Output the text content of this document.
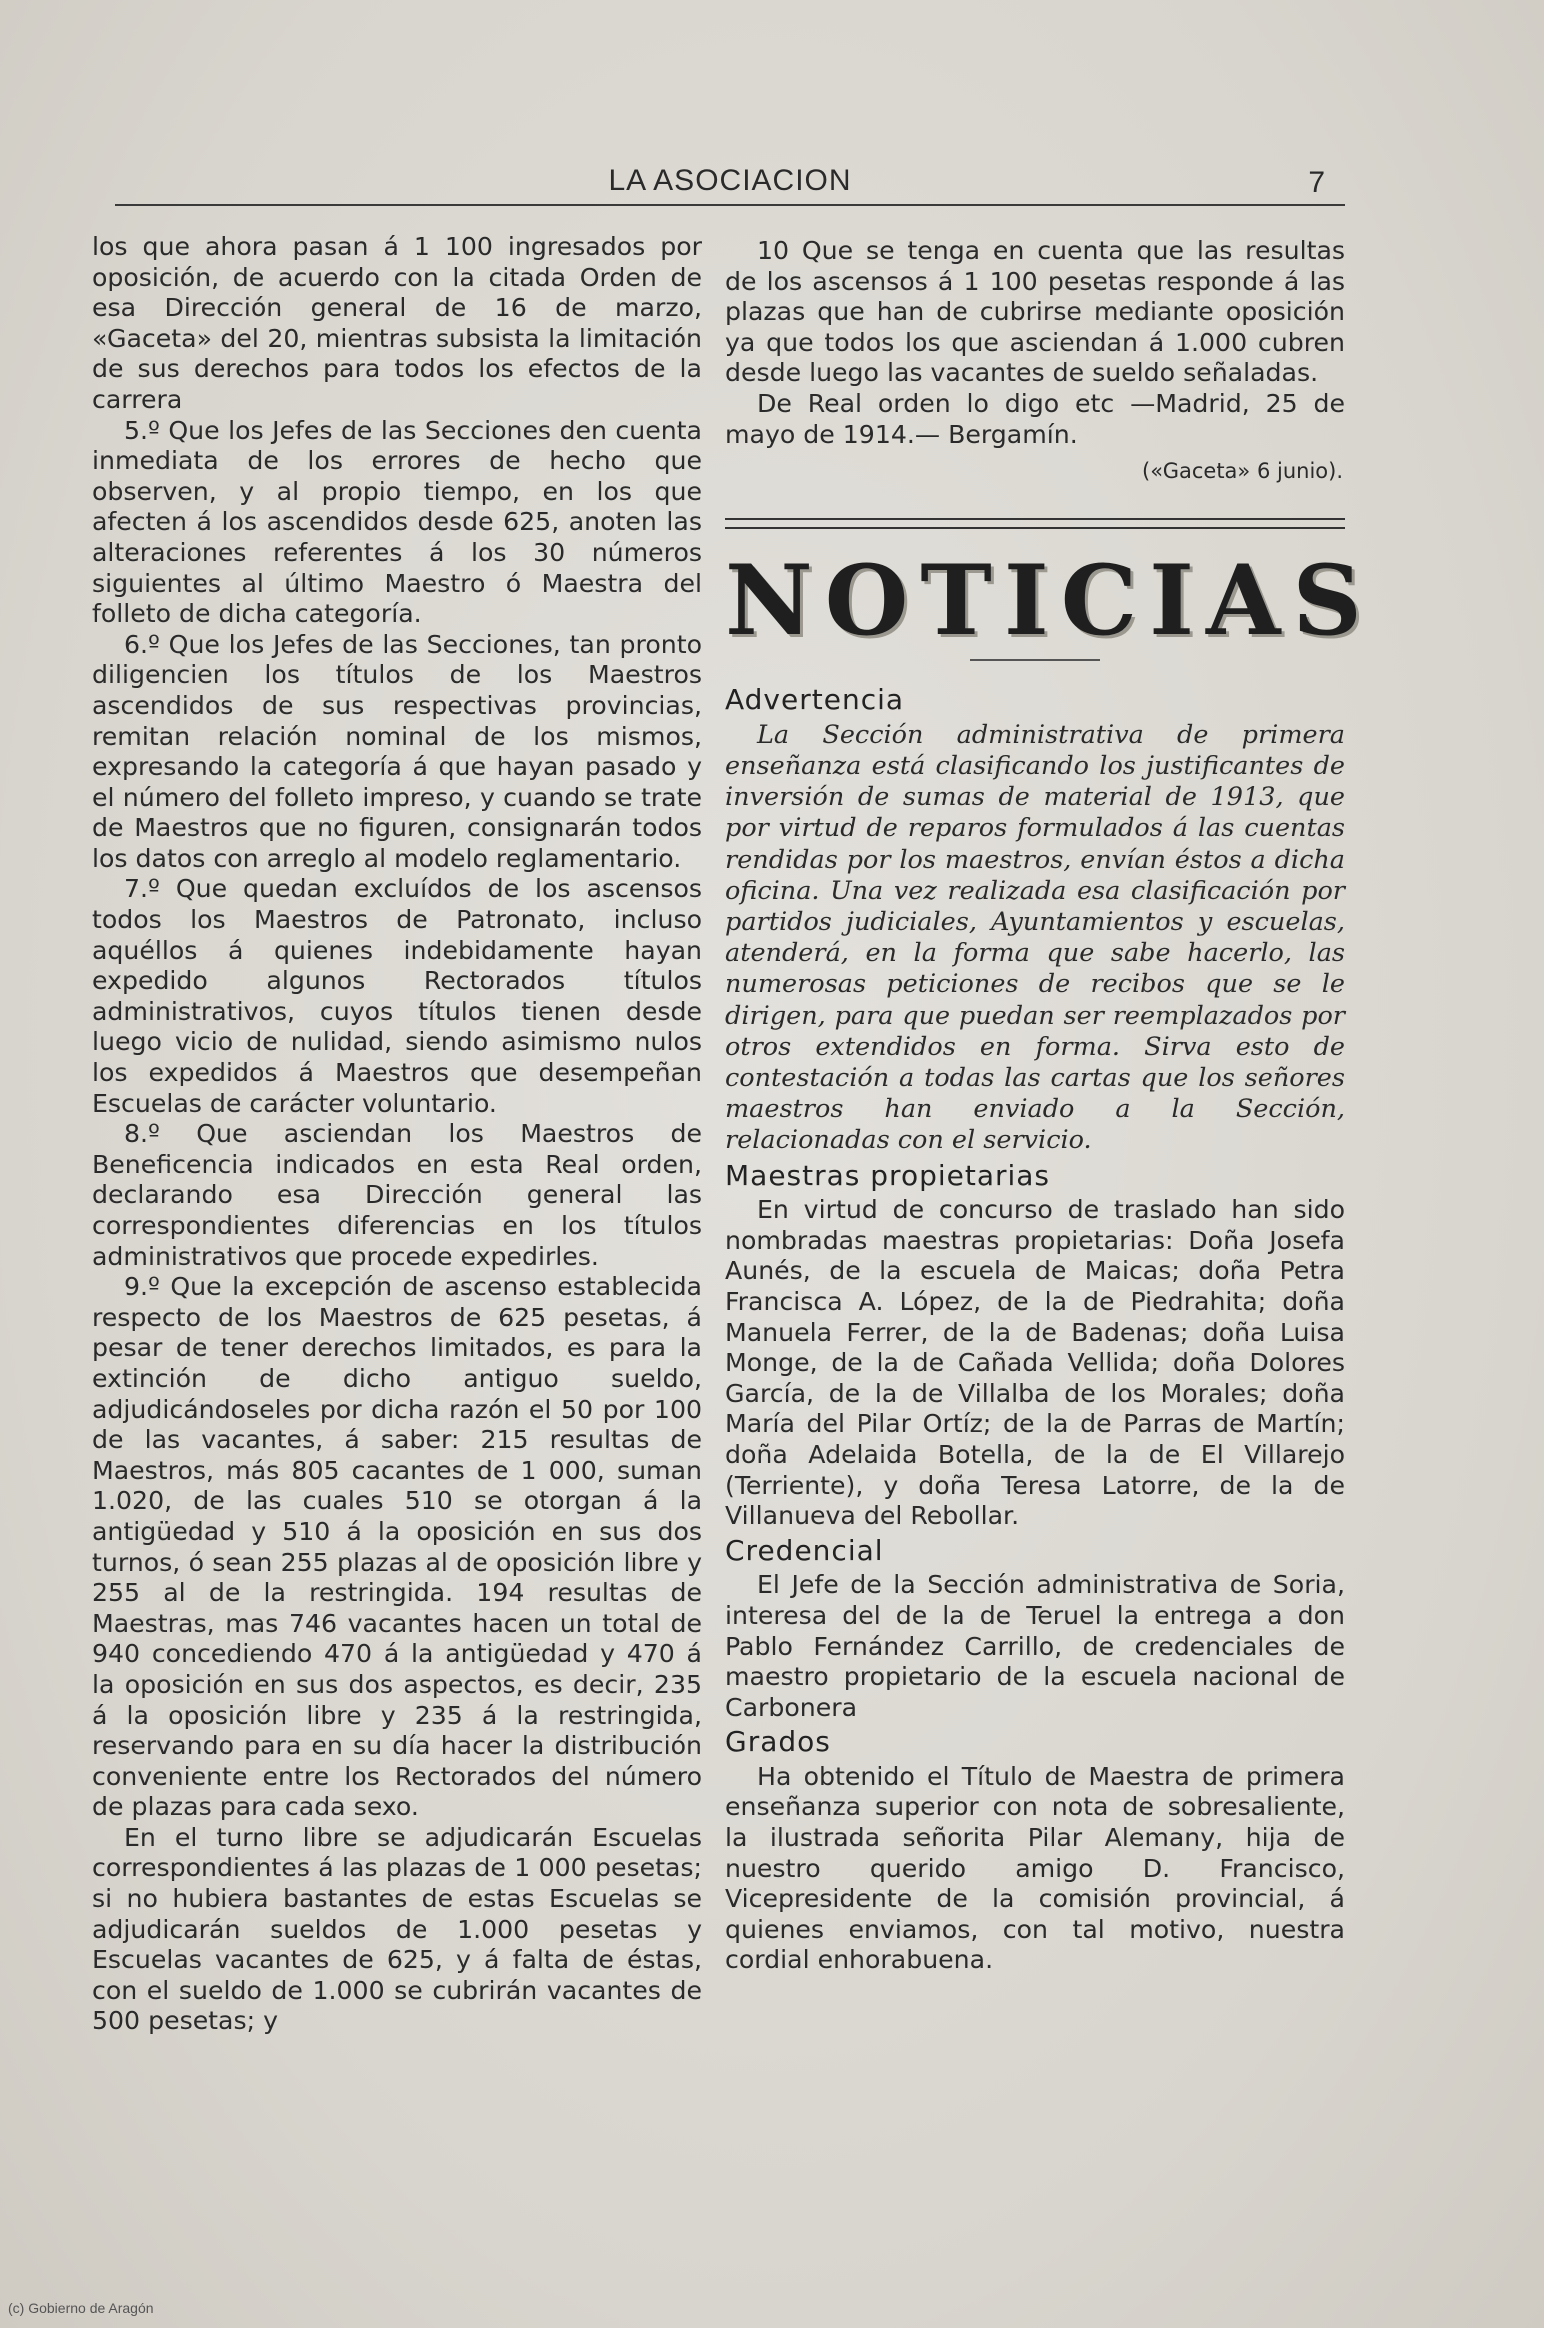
LA ASOCIACION	7

los que ahora pasan á 1 100 ingresados por oposición, de acuerdo con la citada Orden de esa Dirección general de 16 de marzo, «Gaceta» del 20, mientras subsista la limitación de sus derechos para todos los efectos de la carrera

5.º Que los Jefes de las Secciones den cuenta inmediata de los errores de hecho que observen, y al propio tiempo, en los que afecten á los ascendidos desde 625, anoten las alteraciones referentes á los 30 números siguientes al último Maestro ó Maestra del folleto de dicha categoría.

6.º Que los Jefes de las Secciones, tan pronto diligencien los títulos de los Maestros ascendidos de sus respectivas provincias, remitan relación nominal de los mismos, expresando la categoría á que hayan pasado y el número del folleto impreso, y cuando se trate de Maestros que no figuren, consignarán todos los datos con arreglo al modelo reglamentario.

7.º Que quedan excluídos de los ascensos todos los Maestros de Patronato, incluso aquéllos á quienes indebidamente hayan expedido algunos Rectorados títulos administrativos, cuyos títulos tienen desde luego vicio de nulidad, siendo asimismo nulos los expedidos á Maestros que desempeñan Escuelas de carácter voluntario.

8.º Que asciendan los Maestros de Beneficencia indicados en esta Real orden, declarando esa Dirección general las correspondientes diferencias en los títulos administrativos que procede expedirles.

9.º Que la excepción de ascenso establecida respecto de los Maestros de 625 pesetas, á pesar de tener derechos limitados, es para la extinción de dicho antiguo sueldo, adjudicándoseles por dicha razón el 50 por 100 de las vacantes, á saber: 215 resultas de Maestros, más 805 cacantes de 1 000, suman 1.020, de las cuales 510 se otorgan á la antigüedad y 510 á la oposición en sus dos turnos, ó sean 255 plazas al de oposición libre y 255 al de la restringida. 194 resultas de Maestras, mas 746 vacantes hacen un total de 940 concediendo 470 á la antigüedad y 470 á la oposición en sus dos aspectos, es decir, 235 á la oposición libre y 235 á la restringida, reservando para en su día hacer la distribución conveniente entre los Rectorados del número de plazas para cada sexo.

En el turno libre se adjudicarán Escuelas correspondientes á las plazas de 1 000 pesetas; si no hubiera bastantes de estas Escuelas se adjudicarán sueldos de 1.000 pesetas y Escuelas vacantes de 625, y á falta de éstas, con el sueldo de 1.000 se cubrirán vacantes de 500 pesetas; y

10 Que se tenga en cuenta que las resultas de los ascensos á 1 100 pesetas responde á las plazas que han de cubrirse mediante oposición ya que todos los que asciendan á 1.000 cubren desde luego las vacantes de sueldo señaladas.

De Real orden lo digo etc —Madrid, 25 de mayo de 1914.— Bergamín.

(«Gaceta» 6 junio).

NOTICIAS
Advertencia

La Sección administrativa de primera enseñanza está clasificando los justificantes de inversión de sumas de material de 1913, que por virtud de reparos formulados á las cuentas rendidas por los maestros, envían éstos a dicha oficina. Una vez realizada esa clasificación por partidos judiciales, Ayuntamientos y escuelas, atenderá, en la forma que sabe hacerlo, las numerosas peticiones de recibos que se le dirigen, para que puedan ser reemplazados por otros extendidos en forma. Sirva esto de contestación a todas las cartas que los señores maestros han enviado a la Sección, relacionadas con el servicio.

Maestras propietarias

En virtud de concurso de traslado han sido nombradas maestras propietarias: Doña Josefa Aunés, de la escuela de Maicas; doña Petra Francisca A. López, de la de Piedrahita; doña Manuela Ferrer, de la de Badenas; doña Luisa Monge, de la de Cañada Vellida; doña Dolores García, de la de Villalba de los Morales; doña María del Pilar Ortíz; de la de Parras de Martín; doña Adelaida Botella, de la de El Villarejo (Terriente), y doña Teresa Latorre, de la de Villanueva del Rebollar.

Credencial

El Jefe de la Sección administrativa de Soria, interesa del de la de Teruel la entrega a don Pablo Fernández Carrillo, de credenciales de maestro propietario de la escuela nacional de Carbonera

Grados

Ha obtenido el Título de Maestra de primera enseñanza superior con nota de sobresaliente, la ilustrada señorita Pilar Alemany, hija de nuestro querido amigo D. Francisco, Vicepresidente de la comisión provincial, á quienes enviamos, con tal motivo, nuestra cordial enhorabuena.

(c) Gobierno de Aragón
